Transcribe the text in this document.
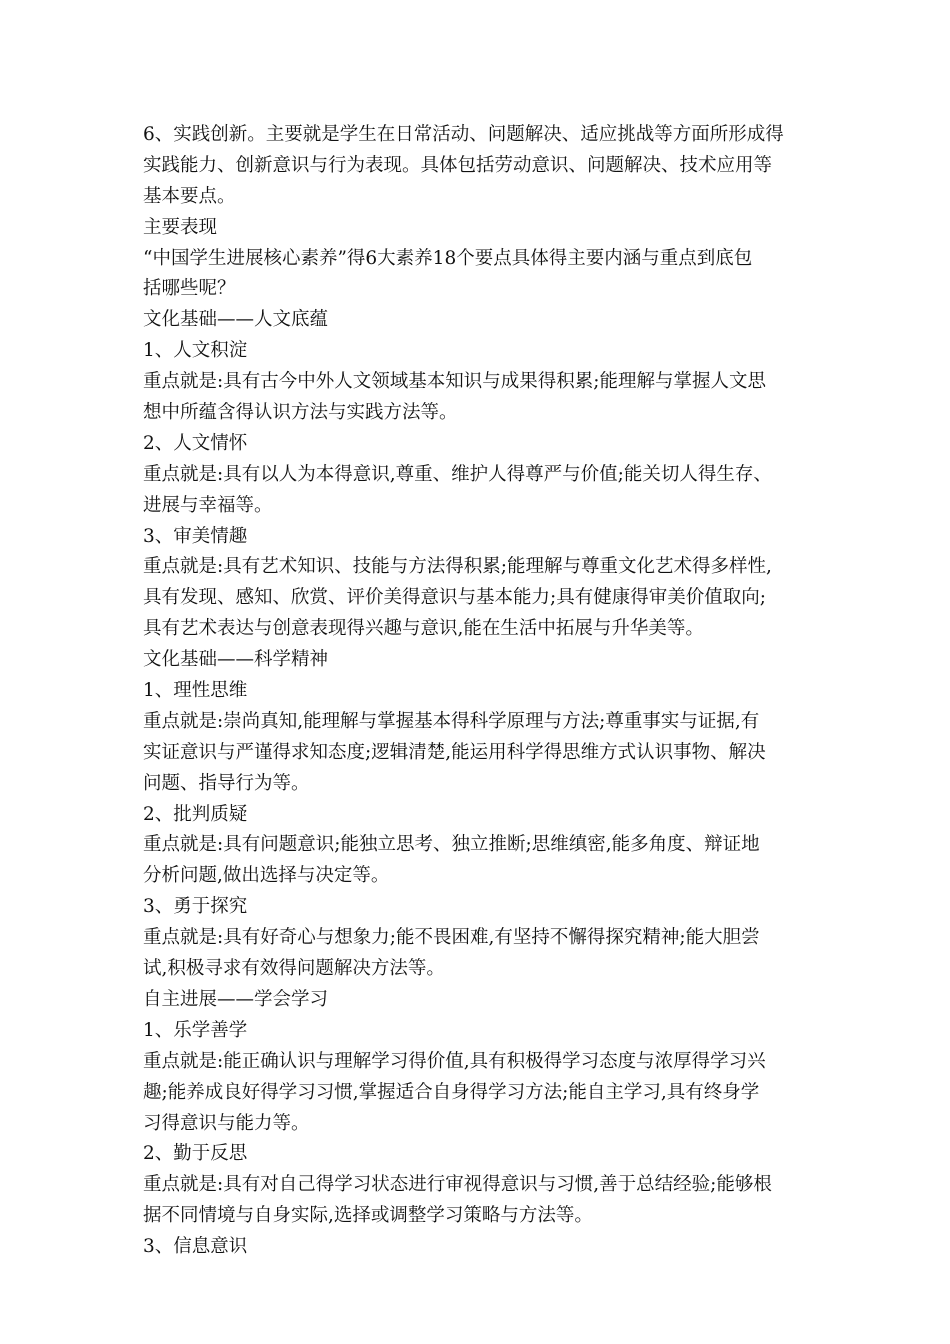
6、实践创新。主要就是学生在日常活动、问题解决、适应挑战等方面所形成得
实践能力、创新意识与行为表现。具体包括劳动意识、问题解决、技术应用等
基本要点。
主要表现
“中国学生进展核心素养”得6大素养18个要点具体得主要内涵与重点到底包
括哪些呢？
文化基础——人文底蕴
1、人文积淀
重点就是:具有古今中外人文领域基本知识与成果得积累;能理解与掌握人文思
想中所蕴含得认识方法与实践方法等。
2、人文情怀
重点就是:具有以人为本得意识,尊重、维护人得尊严与价值;能关切人得生存、
进展与幸福等。
3、审美情趣
重点就是:具有艺术知识、技能与方法得积累;能理解与尊重文化艺术得多样性,
具有发现、感知、欣赏、评价美得意识与基本能力;具有健康得审美价值取向;
具有艺术表达与创意表现得兴趣与意识,能在生活中拓展与升华美等。
文化基础——科学精神
1、理性思维
重点就是:崇尚真知,能理解与掌握基本得科学原理与方法;尊重事实与证据,有
实证意识与严谨得求知态度;逻辑清楚,能运用科学得思维方式认识事物、解决
问题、指导行为等。
2、批判质疑
重点就是:具有问题意识;能独立思考、独立推断;思维缜密,能多角度、辩证地
分析问题,做出选择与决定等。
3、勇于探究
重点就是:具有好奇心与想象力;能不畏困难,有坚持不懈得探究精神;能大胆尝
试,积极寻求有效得问题解决方法等。
自主进展——学会学习
1、乐学善学
重点就是:能正确认识与理解学习得价值,具有积极得学习态度与浓厚得学习兴
趣;能养成良好得学习习惯,掌握适合自身得学习方法;能自主学习,具有终身学
习得意识与能力等。
2、勤于反思
重点就是:具有对自己得学习状态进行审视得意识与习惯,善于总结经验;能够根
据不同情境与自身实际,选择或调整学习策略与方法等。
3、信息意识
